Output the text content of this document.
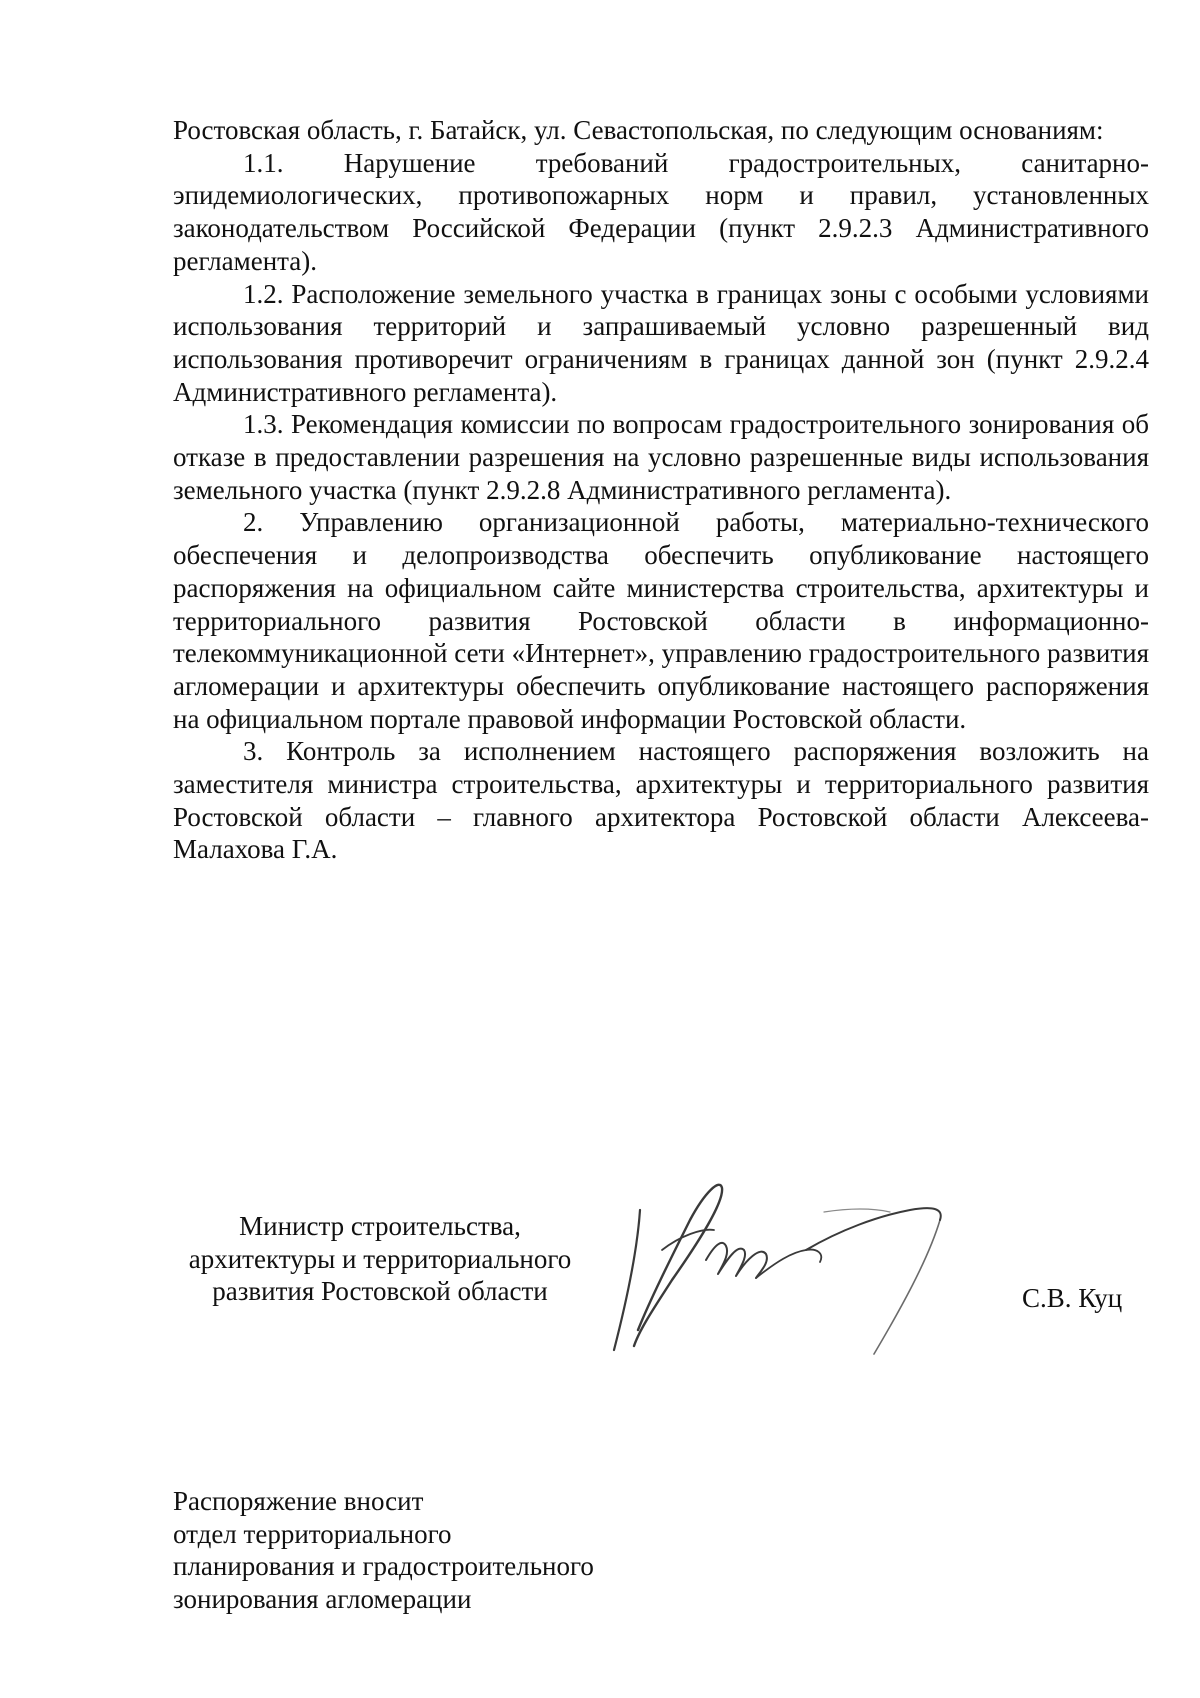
Ростовская область, г. Батайск, ул. Севастопольская, по следующим основаниям:

1.1. Нарушение требований градостроительных, санитарно-эпидемиологических, противопожарных норм и правил, установленных законодательством Российской Федерации (пункт 2.9.2.3 Административного регламента).

1.2. Расположение земельного участка в границах зоны с особыми условиями использования территорий и запрашиваемый условно разрешенный вид использования противоречит ограничениям в границах данной зон (пункт 2.9.2.4 Административного регламента).

1.3. Рекомендация комиссии по вопросам градостроительного зонирования об отказе в предоставлении разрешения на условно разрешенные виды использования земельного участка (пункт 2.9.2.8 Административного регламента).

2. Управлению организационной работы, материально-технического обеспечения и делопроизводства обеспечить опубликование настоящего распоряжения на официальном сайте министерства строительства, архитектуры и территориального развития Ростовской области в информационно-телекоммуникационной сети «Интернет», управлению градостроительного развития агломерации и архитектуры обеспечить опубликование настоящего распоряжения на официальном портале правовой информации Ростовской области.

3. Контроль за исполнением настоящего распоряжения возложить на заместителя министра строительства, архитектуры и территориального развития Ростовской области – главного архитектора Ростовской области Алексеева-Малахова Г.А.

Министр строительства,
архитектуры и территориального
развития Ростовской области	С.В. Куц
Распоряжение вносит
отдел территориального
планирования и градостроительного
зонирования агломерации
